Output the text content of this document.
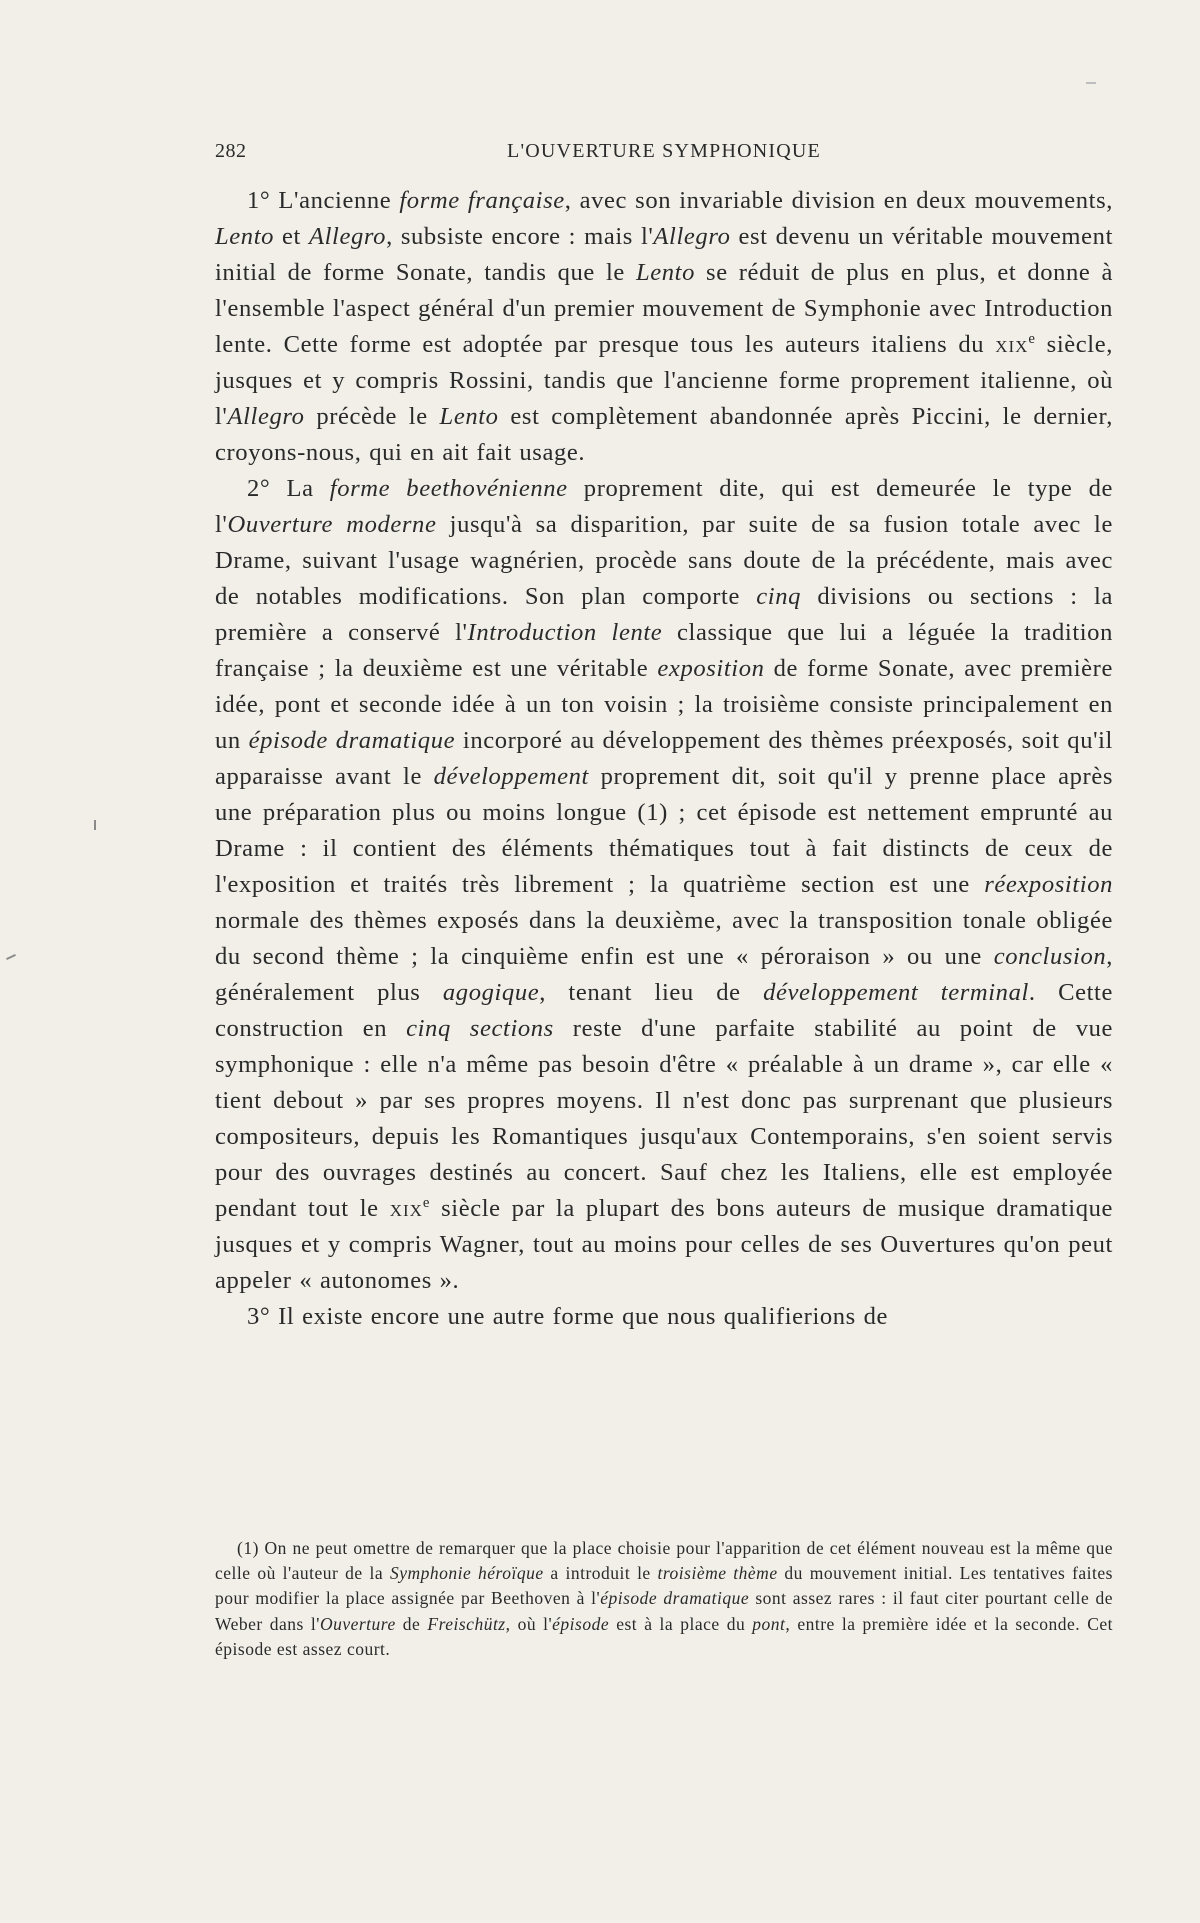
282	L'OUVERTURE SYMPHONIQUE

1° L'ancienne forme française, avec son invariable division en deux mouvements, Lento et Allegro, subsiste encore : mais l'Allegro est devenu un véritable mouvement initial de forme Sonate, tandis que le Lento se réduit de plus en plus, et donne à l'ensemble l'aspect général d'un premier mouvement de Symphonie avec Introduction lente. Cette forme est adoptée par presque tous les auteurs italiens du xix$^e$ siècle, jusques et y compris Rossini, tandis que l'ancienne forme proprement italienne, où l'Allegro précède le Lento est complètement abandonnée après Piccini, le dernier, croyons-nous, qui en ait fait usage.

2° La forme beethovénienne proprement dite, qui est demeurée le type de l'Ouverture moderne jusqu'à sa disparition, par suite de sa fusion totale avec le Drame, suivant l'usage wagnérien, procède sans doute de la précédente, mais avec de notables modifications. Son plan comporte cinq divisions ou sections : la première a conservé l'Introduction lente classique que lui a léguée la tradition française ; la deuxième est une véritable exposition de forme Sonate, avec première idée, pont et seconde idée à un ton voisin ; la troisième consiste principalement en un épisode dramatique incorporé au développement des thèmes préexposés, soit qu'il apparaisse avant le développement proprement dit, soit qu'il y prenne place après une préparation plus ou moins longue (1) ; cet épisode est nettement emprunté au Drame : il contient des éléments thématiques tout à fait distincts de ceux de l'exposition et traités très librement ; la quatrième section est une réexposition normale des thèmes exposés dans la deuxième, avec la transposition tonale obligée du second thème ; la cinquième enfin est une « péroraison » ou une conclusion, généralement plus agogique, tenant lieu de développement terminal. Cette construction en cinq sections reste d'une parfaite stabilité au point de vue symphonique : elle n'a même pas besoin d'être « préalable à un drame », car elle « tient debout » par ses propres moyens. Il n'est donc pas surprenant que plusieurs compositeurs, depuis les Romantiques jusqu'aux Contemporains, s'en soient servis pour des ouvrages destinés au concert. Sauf chez les Italiens, elle est employée pendant tout le xix$^e$ siècle par la plupart des bons auteurs de musique dramatique jusques et y compris Wagner, tout au moins pour celles de ses Ouvertures qu'on peut appeler « autonomes ».

3° Il existe encore une autre forme que nous qualifierions de

(1) On ne peut omettre de remarquer que la place choisie pour l'apparition de cet élément nouveau est la même que celle où l'auteur de la Symphonie héroïque a introduit le troisième thème du mouvement initial. Les tentatives faites pour modifier la place assignée par Beethoven à l'épisode dramatique sont assez rares : il faut citer pourtant celle de Weber dans l'Ouverture de Freischütz, où l'épisode est à la place du pont, entre la première idée et la seconde. Cet épisode est assez court.
